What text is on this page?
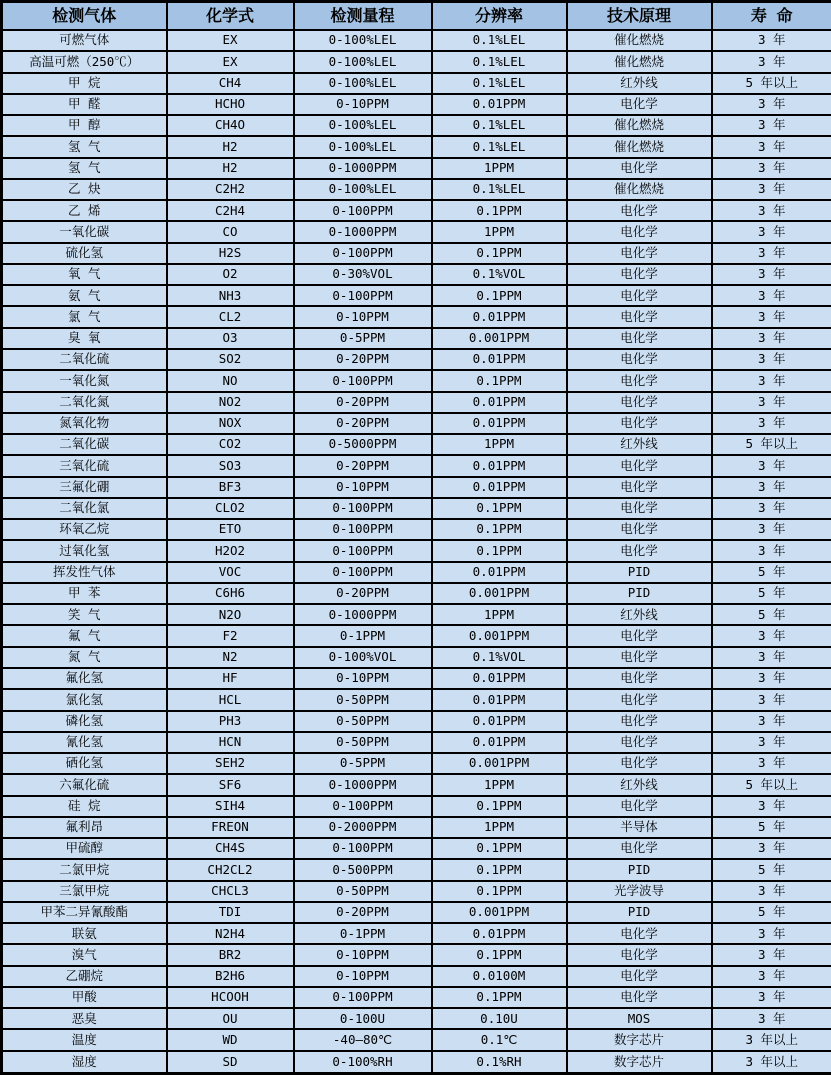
检测气体	化学式	检测量程	分辨率	技术原理	寿 命
可燃气体	EX	0-100%LEL	0.1%LEL	催化燃烧	3 年
高温可燃（250℃）	EX	0-100%LEL	0.1%LEL	催化燃烧	3 年
甲 烷	CH4	0-100%LEL	0.1%LEL	红外线	5 年以上
甲 醛	HCHO	0-10PPM	0.01PPM	电化学	3 年
甲 醇	CH4O	0-100%LEL	0.1%LEL	催化燃烧	3 年
氢 气	H2	0-100%LEL	0.1%LEL	催化燃烧	3 年
氢 气	H2	0-1000PPM	1PPM	电化学	3 年
乙 炔	C2H2	0-100%LEL	0.1%LEL	催化燃烧	3 年
乙 烯	C2H4	0-100PPM	0.1PPM	电化学	3 年
一氧化碳	CO	0-1000PPM	1PPM	电化学	3 年
硫化氢	H2S	0-100PPM	0.1PPM	电化学	3 年
氧 气	O2	0-30%VOL	0.1%VOL	电化学	3 年
氨 气	NH3	0-100PPM	0.1PPM	电化学	3 年
氯 气	CL2	0-10PPM	0.01PPM	电化学	3 年
臭 氧	O3	0-5PPM	0.001PPM	电化学	3 年
二氧化硫	SO2	0-20PPM	0.01PPM	电化学	3 年
一氧化氮	NO	0-100PPM	0.1PPM	电化学	3 年
二氧化氮	NO2	0-20PPM	0.01PPM	电化学	3 年
氮氧化物	NOX	0-20PPM	0.01PPM	电化学	3 年
二氧化碳	CO2	0-5000PPM	1PPM	红外线	5 年以上
三氧化硫	SO3	0-20PPM	0.01PPM	电化学	3 年
三氟化硼	BF3	0-10PPM	0.01PPM	电化学	3 年
二氧化氯	CLO2	0-100PPM	0.1PPM	电化学	3 年
环氧乙烷	ETO	0-100PPM	0.1PPM	电化学	3 年
过氧化氢	H2O2	0-100PPM	0.1PPM	电化学	3 年
挥发性气体	VOC	0-100PPM	0.01PPM	PID	5 年
甲 苯	C6H6	0-20PPM	0.001PPM	PID	5 年
笑 气	N2O	0-1000PPM	1PPM	红外线	5 年
氟 气	F2	0-1PPM	0.001PPM	电化学	3 年
氮 气	N2	0-100%VOL	0.1%VOL	电化学	3 年
氟化氢	HF	0-10PPM	0.01PPM	电化学	3 年
氯化氢	HCL	0-50PPM	0.01PPM	电化学	3 年
磷化氢	PH3	0-50PPM	0.01PPM	电化学	3 年
氰化氢	HCN	0-50PPM	0.01PPM	电化学	3 年
硒化氢	SEH2	0-5PPM	0.001PPM	电化学	3 年
六氟化硫	SF6	0-1000PPM	1PPM	红外线	5 年以上
硅 烷	SIH4	0-100PPM	0.1PPM	电化学	3 年
氟利昂	FREON	0-2000PPM	1PPM	半导体	5 年
甲硫醇	CH4S	0-100PPM	0.1PPM	电化学	3 年
二氯甲烷	CH2CL2	0-500PPM	0.1PPM	PID	5 年
三氯甲烷	CHCL3	0-50PPM	0.1PPM	光学波导	3 年
甲苯二异氰酸酯	TDI	0-20PPM	0.001PPM	PID	5 年
联氨	N2H4	0-1PPM	0.01PPM	电化学	3 年
溴气	BR2	0-10PPM	0.1PPM	电化学	3 年
乙硼烷	B2H6	0-10PPM	0.0100M	电化学	3 年
甲酸	HCOOH	0-100PPM	0.1PPM	电化学	3 年
恶臭	OU	0-100U	0.10U	MOS	3 年
温度	WD	-40—80℃	0.1℃	数字芯片	3 年以上
湿度	SD	0-100%RH	0.1%RH	数字芯片	3 年以上
